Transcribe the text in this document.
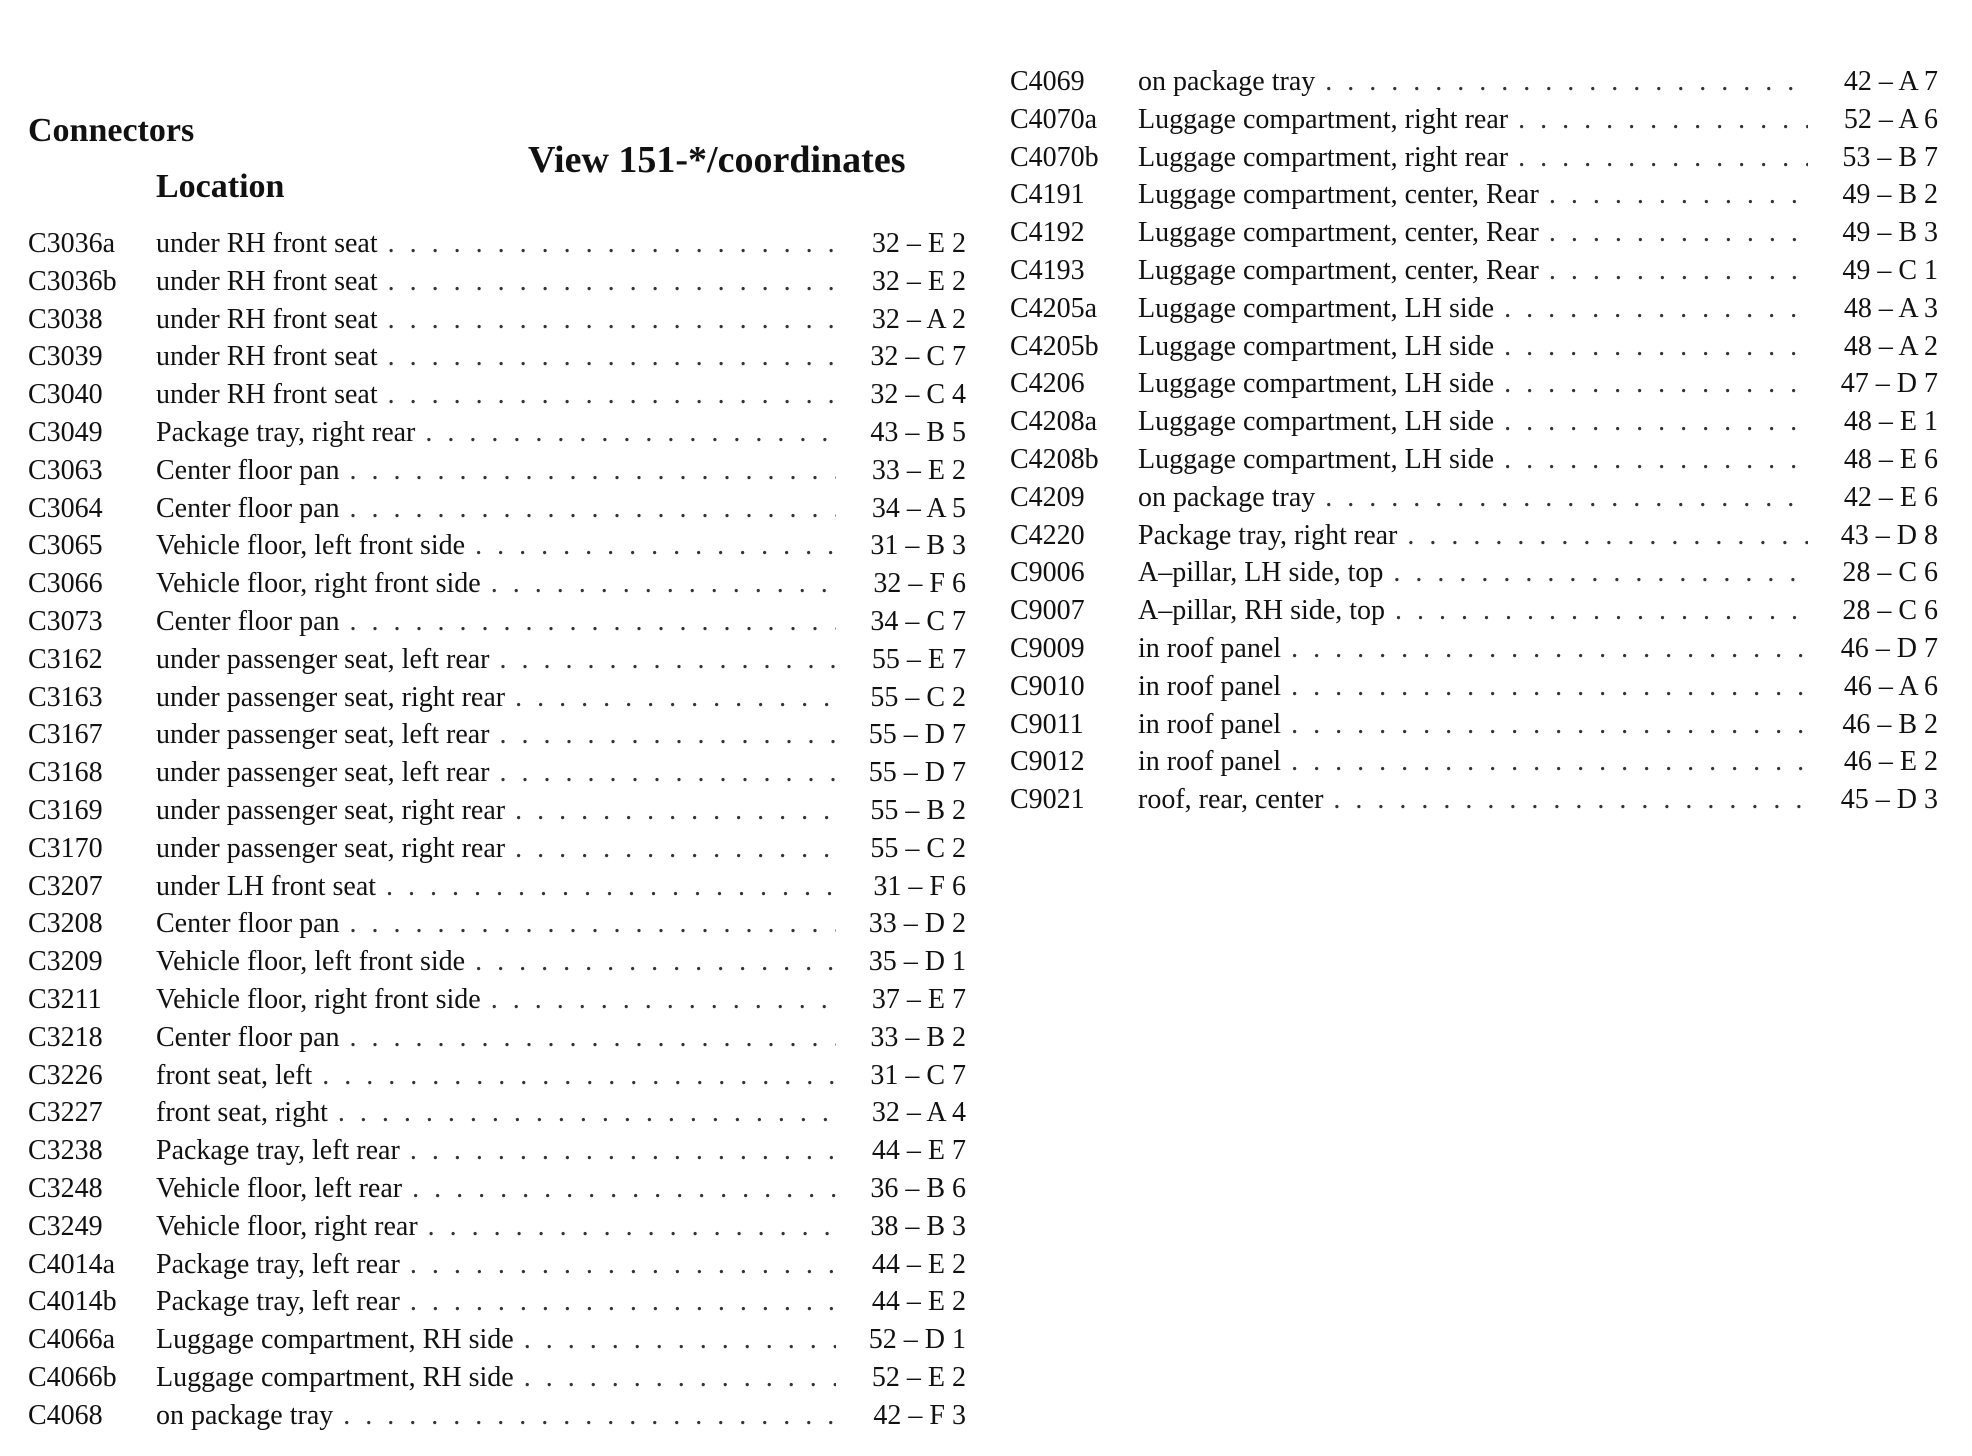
Connectors
Location
View 151-*/coordinates
C3036a	under RH front seat . . .	32 – E 2
C3036b	under RH front seat . . .	32 – E 2
C3038	under RH front seat . . .	32 – A 2
C3039	under RH front seat . . .	32 – C 7
C3040	under RH front seat . . .	32 – C 4
C3049	Package tray, right rear . . .	43 – B 5
C3063	Center floor pan . . .	33 – E 2
C3064	Center floor pan . . .	34 – A 5
C3065	Vehicle floor, left front side . . .	31 – B 3
C3066	Vehicle floor, right front side . . .	32 – F 6
C3073	Center floor pan . . .	34 – C 7
C3162	under passenger seat, left rear . . .	55 – E 7
C3163	under passenger seat, right rear . . .	55 – C 2
C3167	under passenger seat, left rear . . .	55 – D 7
C3168	under passenger seat, left rear . . .	55 – D 7
C3169	under passenger seat, right rear . . .	55 – B 2
C3170	under passenger seat, right rear . . .	55 – C 2
C3207	under LH front seat . . .	31 – F 6
C3208	Center floor pan . . .	33 – D 2
C3209	Vehicle floor, left front side . . .	35 – D 1
C3211	Vehicle floor, right front side . . .	37 – E 7
C3218	Center floor pan . . .	33 – B 2
C3226	front seat, left . . .	31 – C 7
C3227	front seat, right . . .	32 – A 4
C3238	Package tray, left rear . . .	44 – E 7
C3248	Vehicle floor, left rear . . .	36 – B 6
C3249	Vehicle floor, right rear . . .	38 – B 3
C4014a	Package tray, left rear . . .	44 – E 2
C4014b	Package tray, left rear . . .	44 – E 2
C4066a	Luggage compartment, RH side . . .	52 – D 1
C4066b	Luggage compartment, RH side . . .	52 – E 2
C4068	on package tray . . .	42 – F 3
C4069	on package tray . . .	42 – A 7
C4070a	Luggage compartment, right rear . . .	52 – A 6
C4070b	Luggage compartment, right rear . . .	53 – B 7
C4191	Luggage compartment, center, Rear . . .	49 – B 2
C4192	Luggage compartment, center, Rear . . .	49 – B 3
C4193	Luggage compartment, center, Rear . . .	49 – C 1
C4205a	Luggage compartment, LH side . . .	48 – A 3
C4205b	Luggage compartment, LH side . . .	48 – A 2
C4206	Luggage compartment, LH side . . .	47 – D 7
C4208a	Luggage compartment, LH side . . .	48 – E 1
C4208b	Luggage compartment, LH side . . .	48 – E 6
C4209	on package tray . . .	42 – E 6
C4220	Package tray, right rear . . .	43 – D 8
C9006	A–pillar, LH side, top . . .	28 – C 6
C9007	A–pillar, RH side, top . . .	28 – C 6
C9009	in roof panel . . .	46 – D 7
C9010	in roof panel . . .	46 – A 6
C9011	in roof panel . . .	46 – B 2
C9012	in roof panel . . .	46 – E 2
C9021	roof, rear, center . . .	45 – D 3
